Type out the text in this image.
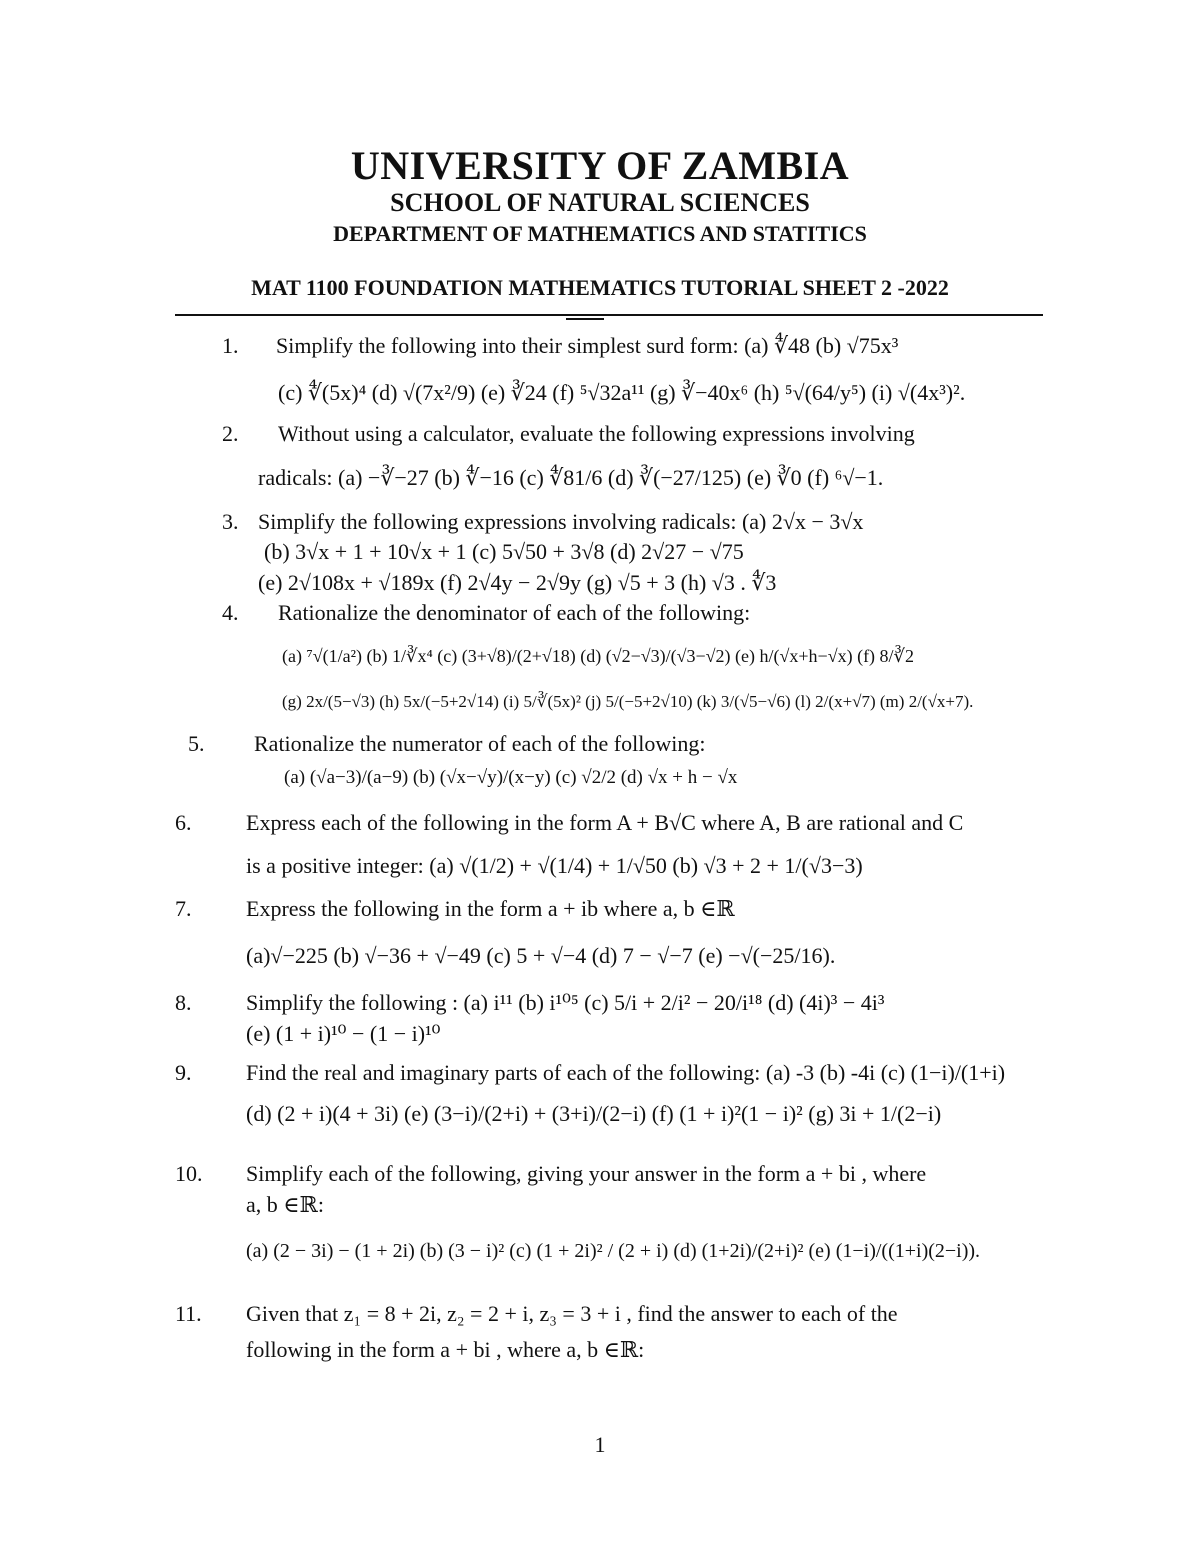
UNIVERSITY OF ZAMBIA
SCHOOL OF NATURAL SCIENCES
DEPARTMENT OF MATHEMATICS AND STATITICS
MAT 1100 FOUNDATION MATHEMATICS TUTORIAL SHEET 2 -2022
1. Simplify the following into their simplest surd form: (a) ∜48 (b) √75x³
(c) ∜(5x)⁴ (d) √(7x²/9) (e) ∛24 (f) ⁵√32a¹¹ (g) ∛−40x⁶ (h) ⁵√(64/y⁵) (i) √(4x³)².
2. Without using a calculator, evaluate the following expressions involving
radicals: (a) −∛−27 (b) ∜−16 (c) ∜81/6 (d) ∛(−27/125) (e) ∛0 (f) ⁶√−1.
3. Simplify the following expressions involving radicals: (a) 2√x − 3√x
(b) 3√x + 1 + 10√x + 1 (c) 5√50 + 3√8 (d) 2√27 − √75
(e) 2√108x + √189x (f) 2√4y − 2√9y (g) √5 + 3 (h) √3 . ∜3
4. Rationalize the denominator of each of the following:
(a) ⁷√(1/a²) (b) 1/∛x⁴ (c) (3+√8)/(2+√18) (d) (√2−√3)/(√3−√2) (e) h/(√x+h−√x) (f) 8/∛2
(g) 2x/(5−√3) (h) 5x/(−5+2√14) (i) 5/∛(5x)² (j) 5/(−5+2√10) (k) 3/(√5−√6) (l) 2/(x+√7) (m) 2/(√x+7).
5. Rationalize the numerator of each of the following:
(a) (√a−3)/(a−9) (b) (√x−√y)/(x−y) (c) √2/2 (d) √x + h − √x
6. Express each of the following in the form A + B√C where A, B are rational and C
is a positive integer: (a) √(1/2) + √(1/4) + 1/√50 (b) √3 + 2 + 1/(√3−3)
7. Express the following in the form a + ib where a, b ∈ℝ
(a)√−225 (b) √−36 + √−49 (c) 5 + √−4 (d) 7 − √−7 (e) −√(−25/16).
8. Simplify the following : (a) i¹¹ (b) i¹⁰⁵ (c) 5/i + 2/i² − 20/i¹⁸ (d) (4i)³ − 4i³
(e) (1 + i)¹⁰ − (1 − i)¹⁰
9. Find the real and imaginary parts of each of the following: (a) -3 (b) -4i (c) (1−i)/(1+i)
(d) (2 + i)(4 + 3i) (e) (3−i)/(2+i) + (3+i)/(2−i) (f) (1 + i)²(1 − i)² (g) 3i + 1/(2−i)
10. Simplify each of the following, giving your answer in the form a + bi , where
a, b ∈ℝ:
(a) (2 − 3i) − (1 + 2i) (b) (3 − i)² (c) (1 + 2i)² / (2 + i) (d) (1+2i)/(2+i)² (e) (1−i)/((1+i)(2−i)).
11. Given that z₁ = 8 + 2i, z₂ = 2 + i, z₃ = 3 + i , find the answer to each of the
following in the form a + bi , where a, b ∈ℝ:
1
